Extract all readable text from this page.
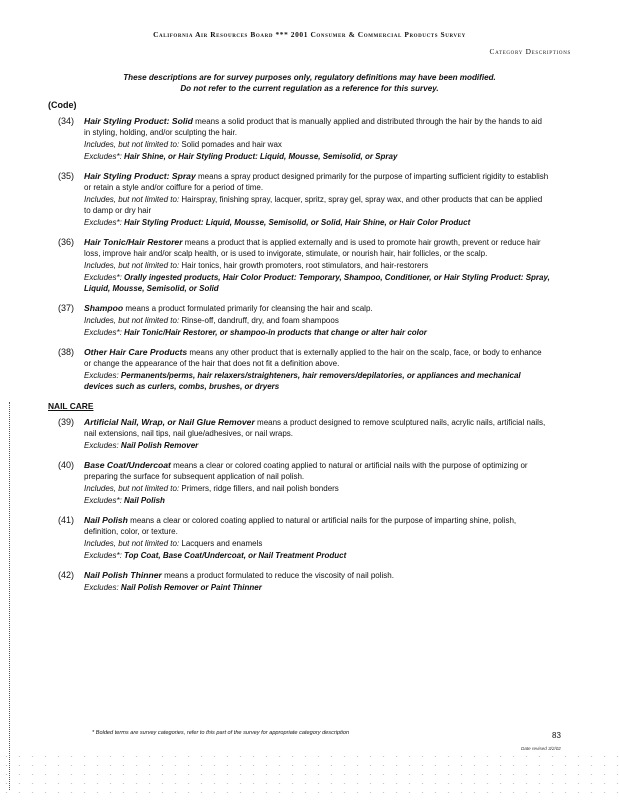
California Air Resources Board *** 2001 Consumer & Commercial Products Survey
Category Descriptions
These descriptions are for survey purposes only, regulatory definitions may have been modified.
Do not refer to the current regulation as a reference for this survey.
(Code)
(34) Hair Styling Product: Solid means a solid product that is manually applied and distributed through the hair by the hands to aid in styling, holding, and/or sculpting the hair.
Includes, but not limited to: Solid pomades and hair wax
Excludes*: Hair Shine, or Hair Styling Product: Liquid, Mousse, Semisolid, or Spray
(35) Hair Styling Product: Spray means a spray product designed primarily for the purpose of imparting sufficient rigidity to establish or retain a style and/or coiffure for a period of time.
Includes, but not limited to: Hairspray, finishing spray, lacquer, spritz, spray gel, spray wax, and other products that can be applied to damp or dry hair
Excludes*: Hair Styling Product: Liquid, Mousse, Semisolid, or Solid, Hair Shine, or Hair Color Product
(36) Hair Tonic/Hair Restorer means a product that is applied externally and is used to promote hair growth, prevent or reduce hair loss, improve hair and/or scalp health, or is used to invigorate, stimulate, or nourish hair, hair follicles, or the scalp.
Includes, but not limited to: Hair tonics, hair growth promoters, root stimulators, and hair-restorers
Excludes*: Orally ingested products, Hair Color Product: Temporary, Shampoo, Conditioner, or Hair Styling Product: Spray, Liquid, Mousse, Semisolid, or Solid
(37) Shampoo means a product formulated primarily for cleansing the hair and scalp.
Includes, but not limited to: Rinse-off, dandruff, dry, and foam shampoos
Excludes*: Hair Tonic/Hair Restorer, or shampoo-in products that change or alter hair color
(38) Other Hair Care Products means any other product that is externally applied to the hair on the scalp, face, or body to enhance or change the appearance of the hair that does not fit a definition above.
Excludes: Permanents/perms, hair relaxers/straighteners, hair removers/depilatories, or appliances and mechanical devices such as curlers, combs, brushes, or dryers
NAIL CARE
(39) Artificial Nail, Wrap, or Nail Glue Remover means a product designed to remove sculptured nails, acrylic nails, artificial nails, nail extensions, nail tips, nail glue/adhesives, or nail wraps.
Excludes: Nail Polish Remover
(40) Base Coat/Undercoat means a clear or colored coating applied to natural or artificial nails with the purpose of optimizing or preparing the surface for subsequent application of nail polish.
Includes, but not limited to: Primers, ridge fillers, and nail polish bonders
Excludes*: Nail Polish
(41) Nail Polish means a clear or colored coating applied to natural or artificial nails for the purpose of imparting shine, polish, definition, color, or texture.
Includes, but not limited to: Lacquers and enamels
Excludes*: Top Coat, Base Coat/Undercoat, or Nail Treatment Product
(42) Nail Polish Thinner means a product formulated to reduce the viscosity of nail polish.
Excludes: Nail Polish Remover or Paint Thinner
* Bolded terms are survey categories, refer to this part of the survey for appropriate category description	83
Date revised 3/2/02
